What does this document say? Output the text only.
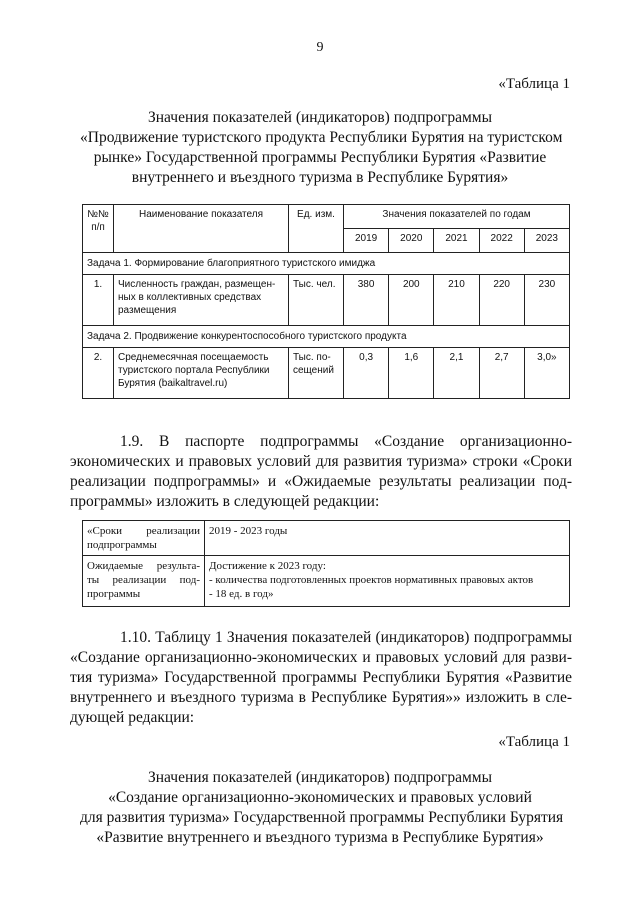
9
«Таблица 1
Значения показателей (индикаторов) подпрограммы
«Продвижение туристского продукта Республики Бурятия на туристском
рынке» Государственной программы Республики Бурятия «Развитие
внутреннего и въездного туризма в Республике Бурятия»
№№ п/п	Наименование показателя	Ед. изм.	Значения показателей по годам				
			2019	2020	2021	2022	2023
Задача 1. Формирование благоприятного туристского имиджа							
1.	Численность граждан, размещен- ных в коллективных средствах размещения	Тыс. чел.	380	200	210	220	230
Задача 2. Продвижение конкурентоспособного туристского продукта							
2.	Среднемесячная посещаемость туристского портала Республики Бурятия (baikaltravel.ru)	Тыс. по- сещений	0,3	1,6	2,1	2,7	3,0»
1.9. В паспорте подпрограммы «Создание организационно-
экономических и правовых условий для развития туризма» строки «Сроки
реализации подпрограммы» и «Ожидаемые результаты реализации под-
программы» изложить в следующей редакции:
«Сроки реализации подпрограммы	2019 - 2023 годы
Ожидаемые результа- ты реализации под- программы	Достижение к 2023 году:
- количества подготовленных проектов нормативных правовых актов
- 18 ед. в год»
1.10. Таблицу 1 Значения показателей (индикаторов) подпрограммы
«Создание организационно-экономических и правовых условий для разви-
тия туризма» Государственной программы Республики Бурятия «Развитие
внутреннего и въездного туризма в Республике Бурятия»» изложить в сле-
дующей редакции:
«Таблица 1
Значения показателей (индикаторов) подпрограммы
«Создание организационно-экономических и правовых условий
для развития туризма» Государственной программы Республики Бурятия
«Развитие внутреннего и въездного туризма в Республике Бурятия»
